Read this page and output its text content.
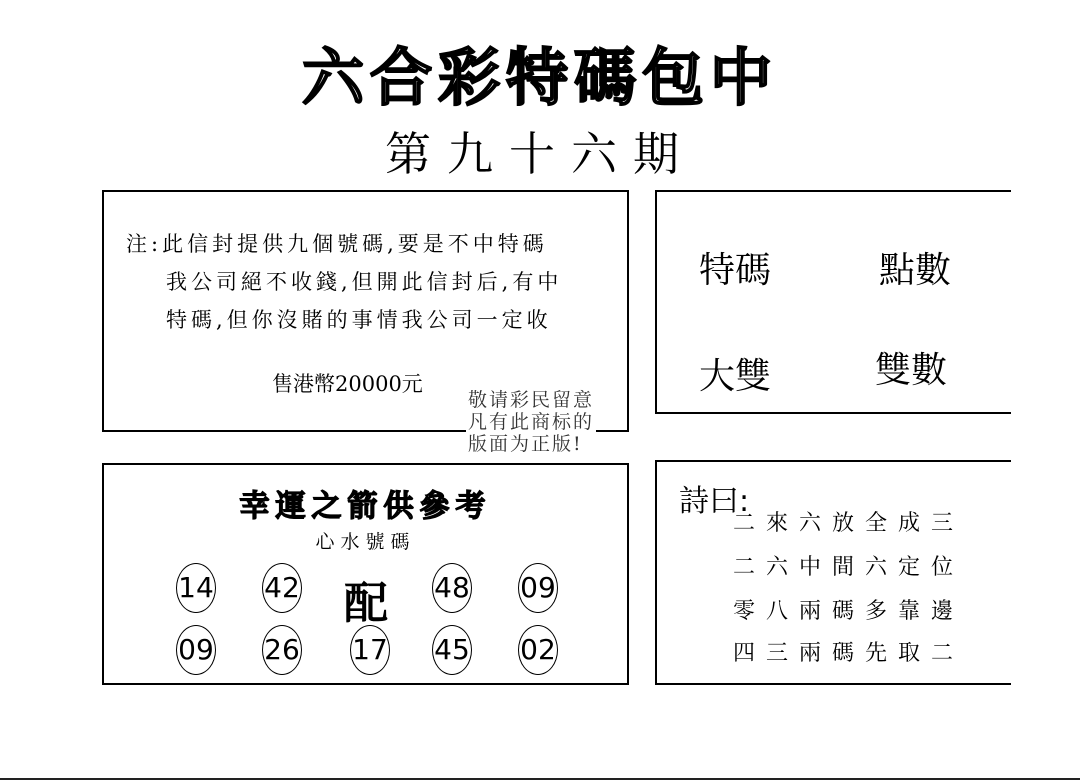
六合彩特碼包中
第九十六期
注:此信封提供九個號碼,要是不中特碼
我公司絕不收錢,但開此信封后,有中
特碼,但你沒賭的事情我公司一定收
售港幣20000元
敬请彩民留意
凡有此商标的
版面为正版!
特碼	點數
大雙	雙數
幸運之箭供參考
心水號碼
14 42 配 48 09
09 26 17 45 02
詩曰:
二來六放全成三
二六中間六定位
零八兩碼多靠邊
四三兩碼先取二
